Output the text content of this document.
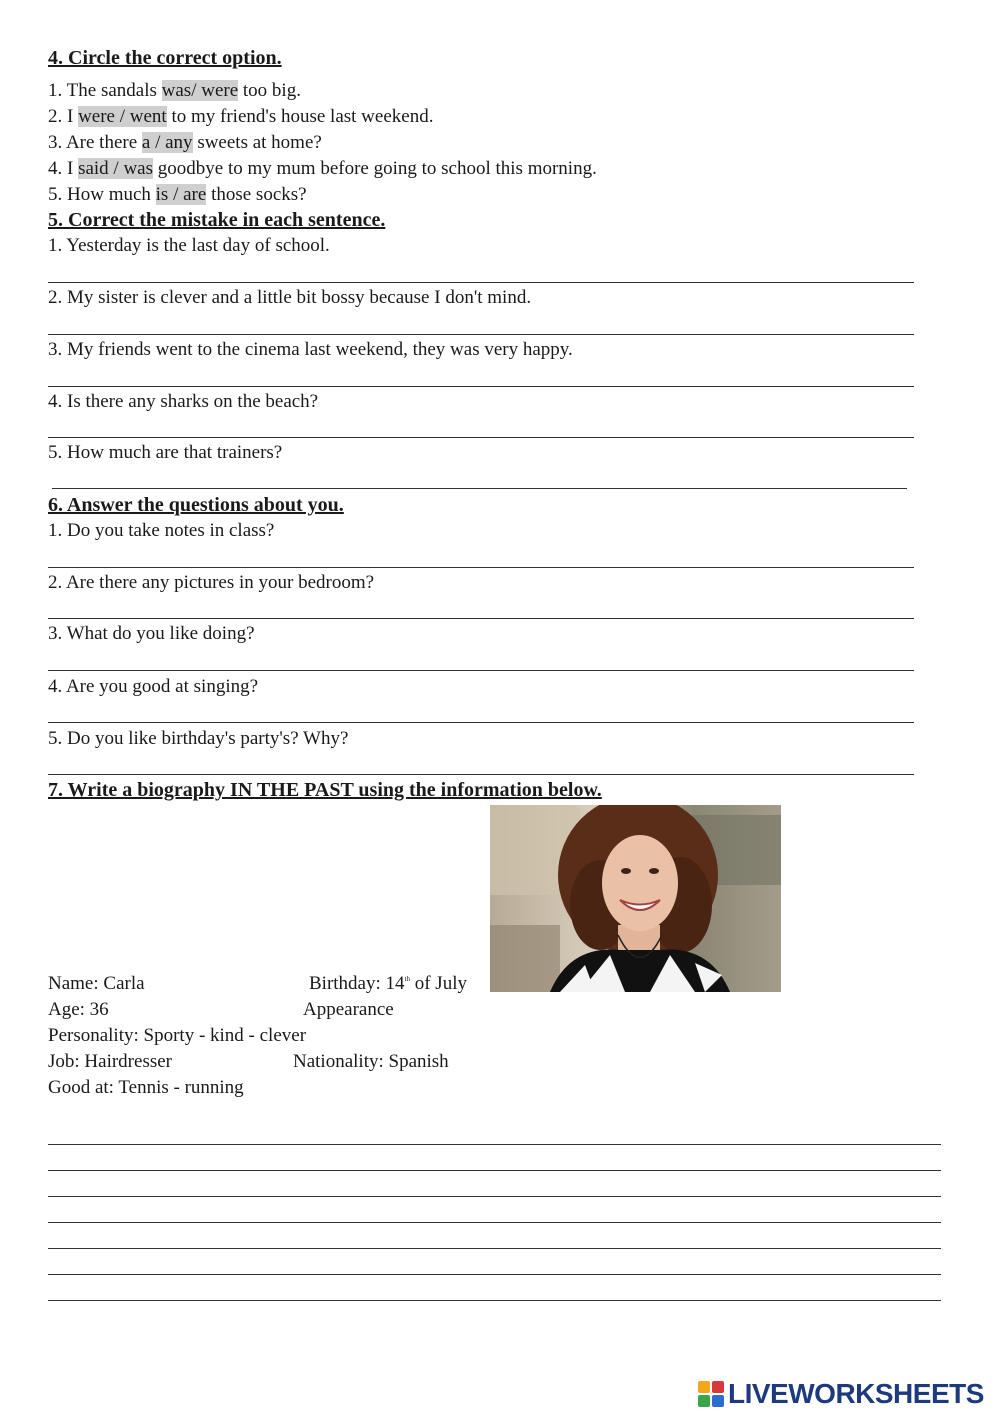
4. Circle the correct option.
1. The sandals was/ were too big.
2. I were / went to my friend's house last weekend.
3. Are there a / any sweets at home?
4. I said / was goodbye to my mum before going to school this morning.
5. How much is / are those socks?
5. Correct the mistake in each sentence.
1. Yesterday is the last day of school.
2. My sister is clever and a little bit bossy because I don't mind.
3. My friends went to the cinema last weekend, they was very happy.
4. Is there any sharks on the beach?
5. How much are that trainers?
6. Answer the questions about you.
1. Do you take notes in class?
2. Are there any pictures in your bedroom?
3. What do you like doing?
4. Are you good at singing?
5. Do you like birthday's party's? Why?
7. Write a biography IN THE PAST using the information below.
Name: Carla	Birthday: 14th of July
Age: 36	Appearance
Personality: Sporty - kind - clever
Job: Hairdresser	Nationality: Spanish
Good at: Tennis - running
LIVEWORKSHEETS
